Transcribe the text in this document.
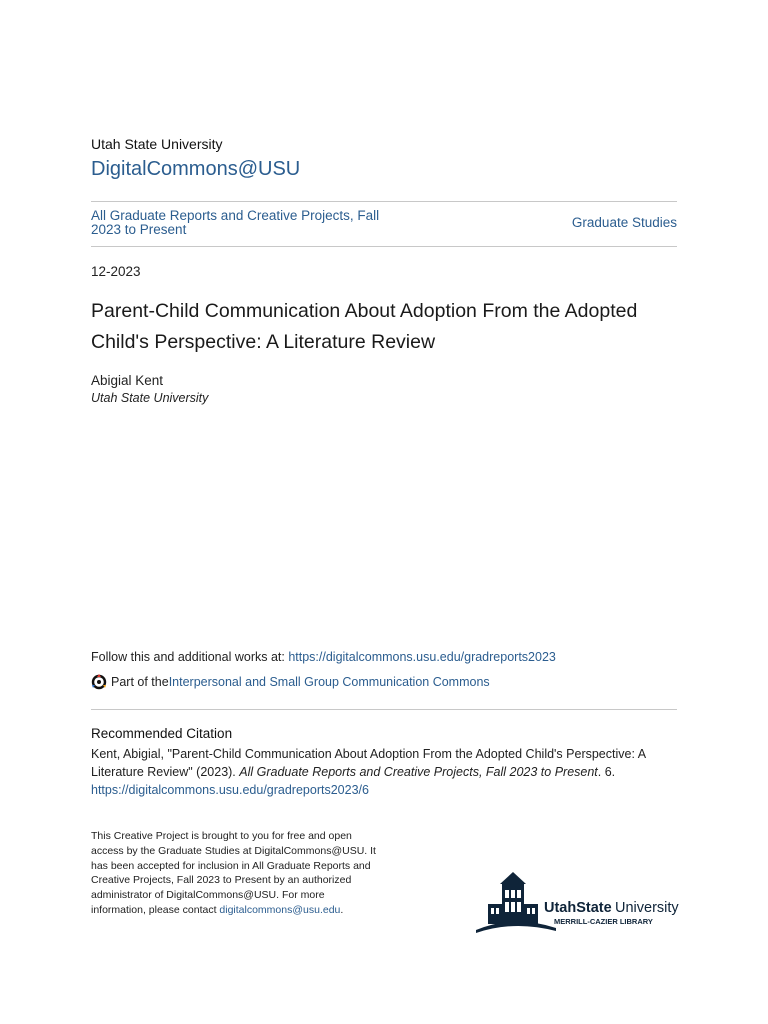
Utah State University
DigitalCommons@USU
All Graduate Reports and Creative Projects, Fall 2023 to Present	Graduate Studies
12-2023
Parent-Child Communication About Adoption From the Adopted Child's Perspective: A Literature Review
Abigial Kent
Utah State University
Follow this and additional works at: https://digitalcommons.usu.edu/gradreports2023
Part of the Interpersonal and Small Group Communication Commons
Recommended Citation
Kent, Abigial, "Parent-Child Communication About Adoption From the Adopted Child's Perspective: A Literature Review" (2023). All Graduate Reports and Creative Projects, Fall 2023 to Present. 6.
https://digitalcommons.usu.edu/gradreports2023/6
This Creative Project is brought to you for free and open access by the Graduate Studies at DigitalCommons@USU. It has been accepted for inclusion in All Graduate Reports and Creative Projects, Fall 2023 to Present by an authorized administrator of DigitalCommons@USU. For more information, please contact digitalcommons@usu.edu.	UtahState University
MERRILL-CAZIER LIBRARY
